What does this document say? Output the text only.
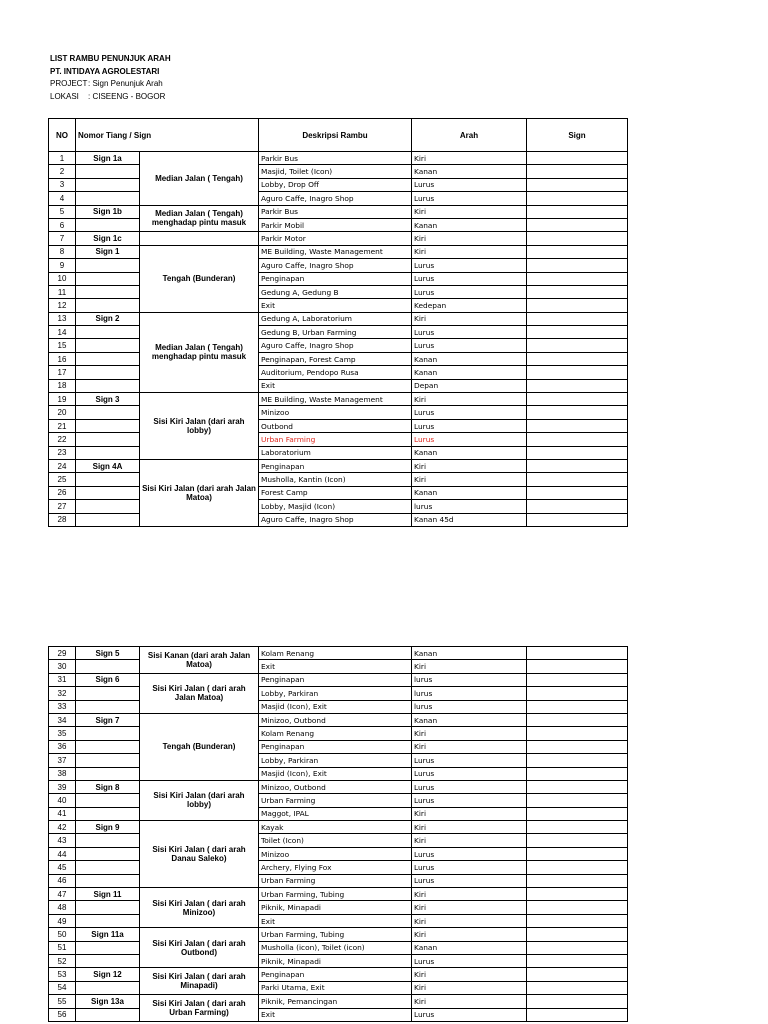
LIST RAMBU PENUNJUK ARAH
PT. INTIDAYA AGROLESTARI
PROJECT: Sign Penunjuk Arah
LOKASI : CISEENG - BOGOR
NO	Nomor Tiang / Sign		Deskripsi Rambu	Arah	Sign
1	Sign 1a	Median Jalan ( Tengah)	Parkir Bus	Kiri	
2			Masjid, Toilet (Icon)	Kanan	
3			Lobby, Drop Off	Lurus	
4			Aguro Caffe, Inagro Shop	Lurus	
5	Sign 1b	Median Jalan ( Tengah) menghadap pintu masuk	Parkir Bus	Kiri	
6			Parkir Mobil	Kanan	
7	Sign 1c		Parkir Motor	Kiri	
8	Sign 1	Tengah (Bunderan)	ME Building, Waste Management	Kiri	
9			Aguro Caffe, Inagro Shop	Lurus	
10			Penginapan	Lurus	
11			Gedung A, Gedung B	Lurus	
12			Exit	Kedepan	
13	Sign 2	Median Jalan ( Tengah) menghadap pintu masuk	Gedung A, Laboratorium	Kiri	
14			Gedung B, Urban Farming	Lurus	
15			Aguro Caffe, Inagro Shop	Lurus	
16			Penginapan, Forest Camp	Kanan	
17			Auditorium, Pendopo Rusa	Kanan	
18			Exit	Depan	
19	Sign 3	Sisi Kiri Jalan (dari arah lobby)	ME Building, Waste Management	Kiri	
20			Minizoo	Lurus	
21			Outbond	Lurus	
22			Urban Farming	Lurus	
23			Laboratorium	Kanan	
24	Sign 4A	Sisi Kiri Jalan (dari arah Jalan Matoa)	Penginapan	Kiri	
25			Musholla, Kantin (Icon)	Kiri	
26			Forest Camp	Kanan	
27			Lobby, Masjid (Icon)	lurus	
28			Aguro Caffe, Inagro Shop	Kanan 45d	
29	Sign 5	Sisi Kanan (dari arah Jalan Matoa)	Kolam Renang	Kanan	
30			Exit	Kiri	
31	Sign 6	Sisi Kiri Jalan ( dari arah Jalan Matoa)	Penginapan	lurus	
32			Lobby, Parkiran	lurus	
33			Masjid (Icon), Exit	lurus	
34	Sign 7	Tengah (Bunderan)	Minizoo, Outbond	Kanan	
35			Kolam Renang	Kiri	
36			Penginapan	Kiri	
37			Lobby, Parkiran	Lurus	
38			Masjid (Icon), Exit	Lurus	
39	Sign 8	Sisi Kiri Jalan (dari arah lobby)	Minizoo, Outbond	Lurus	
40			Urban Farming	Lurus	
41			Maggot, IPAL	Kiri	
42	Sign 9	Sisi Kiri Jalan ( dari arah Danau Saleko)	Kayak	Kiri	
43			Toilet (Icon)	Kiri	
44			Minizoo	Lurus	
45			Archery, Flying Fox	Lurus	
46			Urban Farming	Lurus	
47	Sign 11	Sisi Kiri Jalan ( dari arah Minizoo)	Urban Farming, Tubing	Kiri	
48			Piknik, Minapadi	Kiri	
49			Exit	Kiri	
50	Sign 11a	Sisi Kiri Jalan ( dari arah Outbond)	Urban Farming, Tubing	Kiri	
51			Musholla (icon), Toilet (icon)	Kanan	
52			Piknik, Minapadi	Lurus	
53	Sign 12	Sisi Kiri Jalan ( dari arah Minapadi)	Penginapan	Kiri	
54			Parki Utama, Exit	Kiri	
55	Sign 13a	Sisi Kiri Jalan ( dari arah Urban Farming)	Piknik, Pemancingan	Kiri	
56			Exit	Lurus	
